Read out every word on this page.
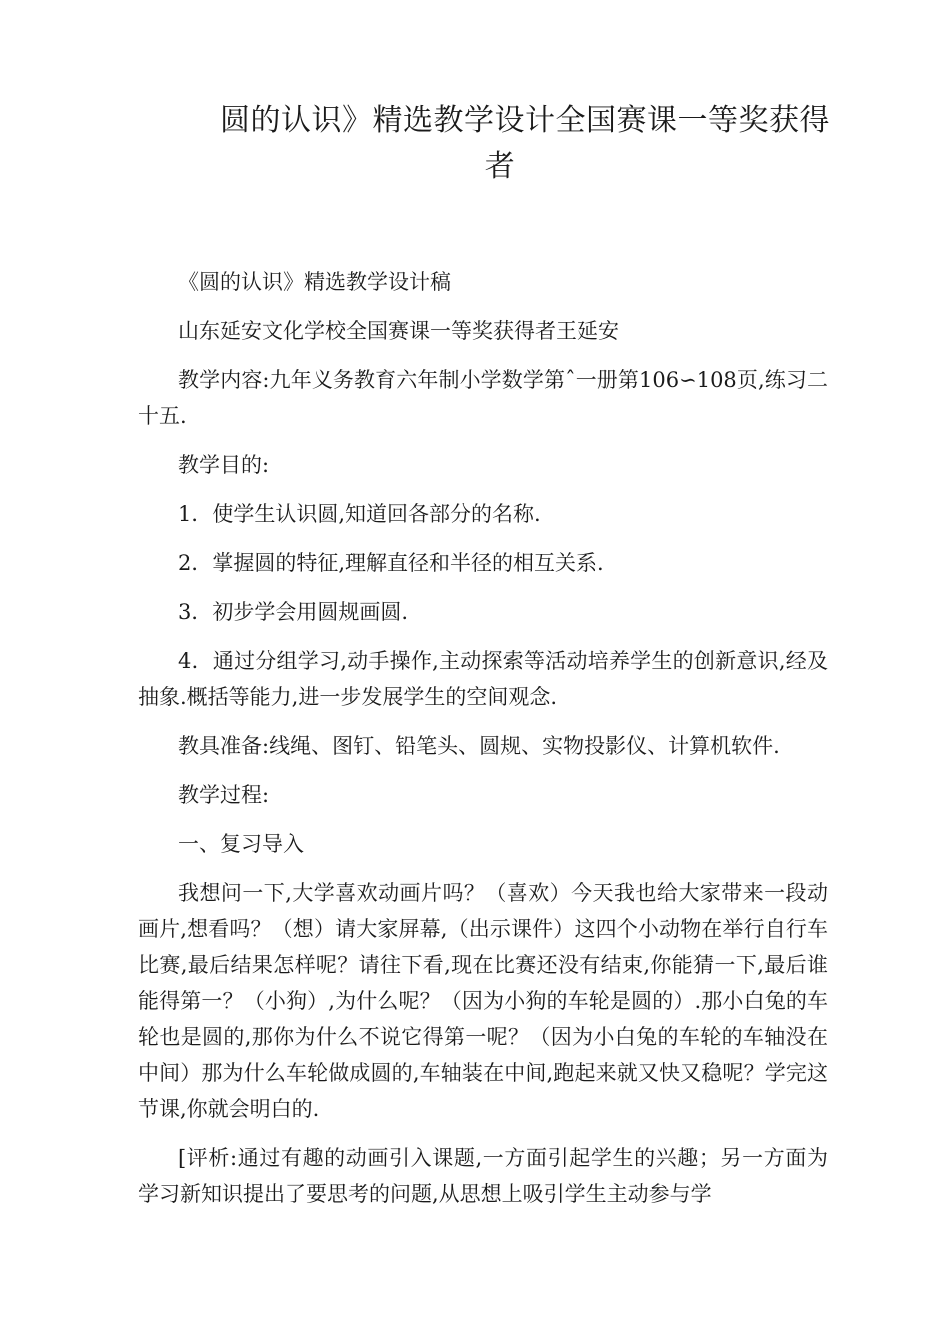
圆的认识》精选教学设计全国赛课一等奖获得
者

《圆的认识》精选教学设计稿

山东延安文化学校全国赛课一等奖获得者王延安

教学内容:九年义务教育六年制小学数学第ˆ一册第106∽108页,练习二十五.

教学目的:

1．使学生认识圆,知道回各部分的名称.

2．掌握圆的特征,理解直径和半径的相互关系.

3．初步学会用圆规画圆.

4．通过分组学习,动手操作,主动探索等活动培养学生的创新意识,经及抽象.概括等能力,进一步发展学生的空间观念.

教具准备:线绳、图钉、铅笔头、圆规、实物投影仪、计算机软件.

教学过程:

一、复习导入

我想问一下,大学喜欢动画片吗？（喜欢）今天我也给大家带来一段动画片,想看吗？（想）请大家屏幕,（出示课件）这四个小动物在举行自行车比赛,最后结果怎样呢？请往下看,现在比赛还没有结束,你能猜一下,最后谁能得第一？（小狗）,为什么呢？（因为小狗的车轮是圆的）.那小白兔的车轮也是圆的,那你为什么不说它得第一呢？（因为小白兔的车轮的车轴没在中间）那为什么车轮做成圆的,车轴装在中间,跑起来就又快又稳呢？学完这节课,你就会明白的.

[评析:通过有趣的动画引入课题,一方面引起学生的兴趣；另一方面为学习新知识提出了要思考的问题,从思想上吸引学生主动参与学
